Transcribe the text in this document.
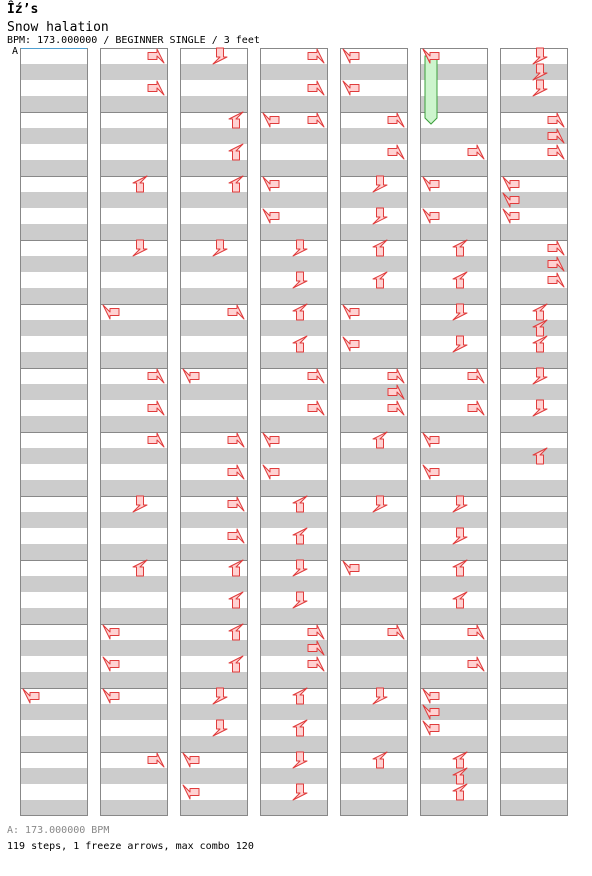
Îź’s
Snow halation
BPM: 173.000000 / BEGINNER SINGLE / 3 feet
A
A: 173.000000 BPM
119 steps, 1 freeze arrows, max combo 120
